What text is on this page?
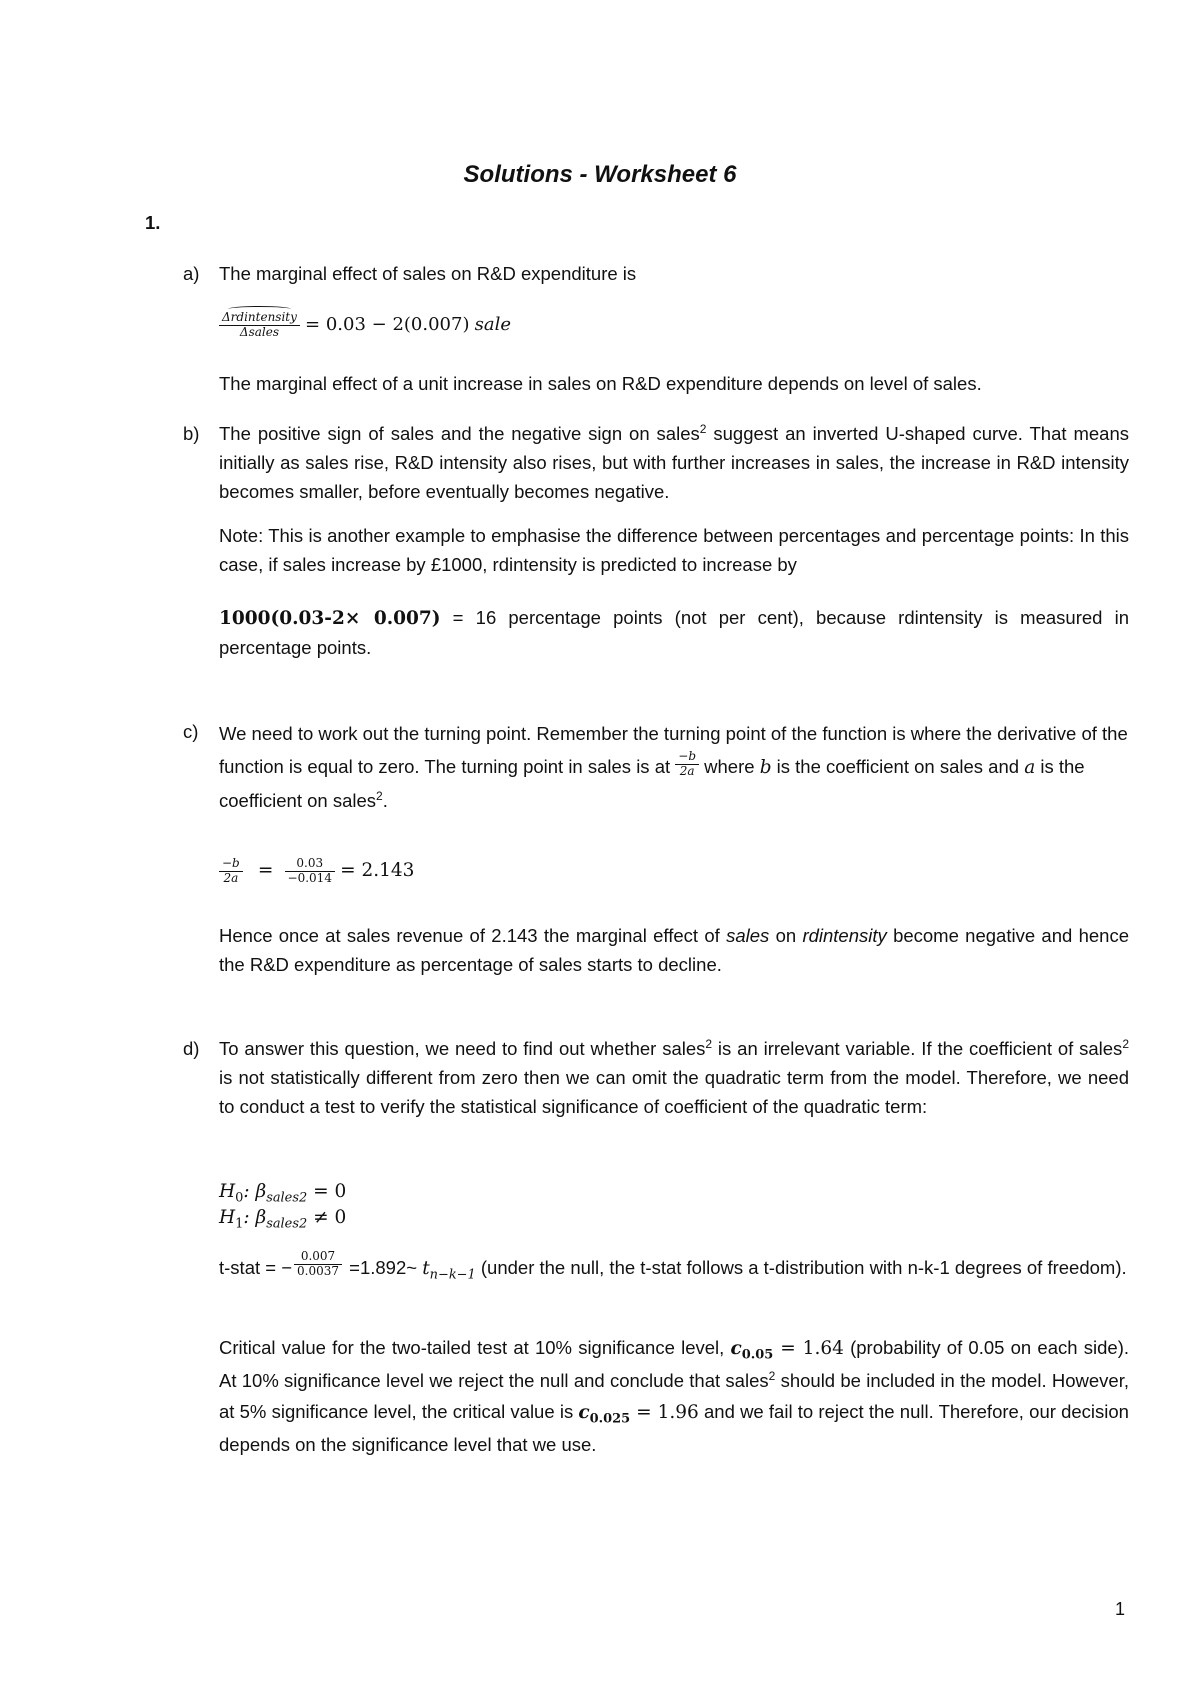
Solutions - Worksheet 6
1.
a) The marginal effect of sales on R&D expenditure is
$\frac{\text{Δrdintensity}}{\text{Δsales}} = 0.03 - 2(0.007)$ sale
The marginal effect of a unit increase in sales on R&D expenditure depends on level of sales.
b) The positive sign of sales and the negative sign on sales$^2$ suggest an inverted U-shaped curve. That means initially as sales rise, R&D intensity also rises, but with further increases in sales, the increase in R&D intensity becomes smaller, before eventually becomes negative.
Note: This is another example to emphasise the difference between percentages and percentage points: In this case, if sales increase by £1000, rdintensity is predicted to increase by
1000(0.03-2× 0.007) = 16 percentage points (not per cent), because rdintensity is measured in percentage points.
c) We need to work out the turning point. Remember the turning point of the function is where the derivative of the function is equal to zero. The turning point in sales is at $\frac{-b}{2a}$ where b is the coefficient on sales and a is the coefficient on sales$^2$.
$\frac{-b}{2a} = \frac{0.03}{-0.014} = 2.143$
Hence once at sales revenue of 2.143 the marginal effect of sales on rdintensity become negative and hence the R&D expenditure as percentage of sales starts to decline.
d) To answer this question, we need to find out whether sales$^2$ is an irrelevant variable. If the coefficient of sales$^2$ is not statistically different from zero then we can omit the quadratic term from the model. Therefore, we need to conduct a test to verify the statistical significance of coefficient of the quadratic term:
$H_0$: $\beta_{sales2} = 0$
$H_1$: $\beta_{sales2} \ne 0$
t-stat = − $\frac{0.007}{0.0037}$ =1.892~ $t_{n-k-1}$ (under the null, the t-stat follows a t-distribution with n-k-1 degrees of freedom).
Critical value for the two-tailed test at 10% significance level, $c_{0.05} = 1.64$ (probability of 0.05 on each side). At 10% significance level we reject the null and conclude that sales$^2$ should be included in the model. However, at 5% significance level, the critical value is $c_{0.025} = 1.96$ and we fail to reject the null. Therefore, our decision depends on the significance level that we use.
1
